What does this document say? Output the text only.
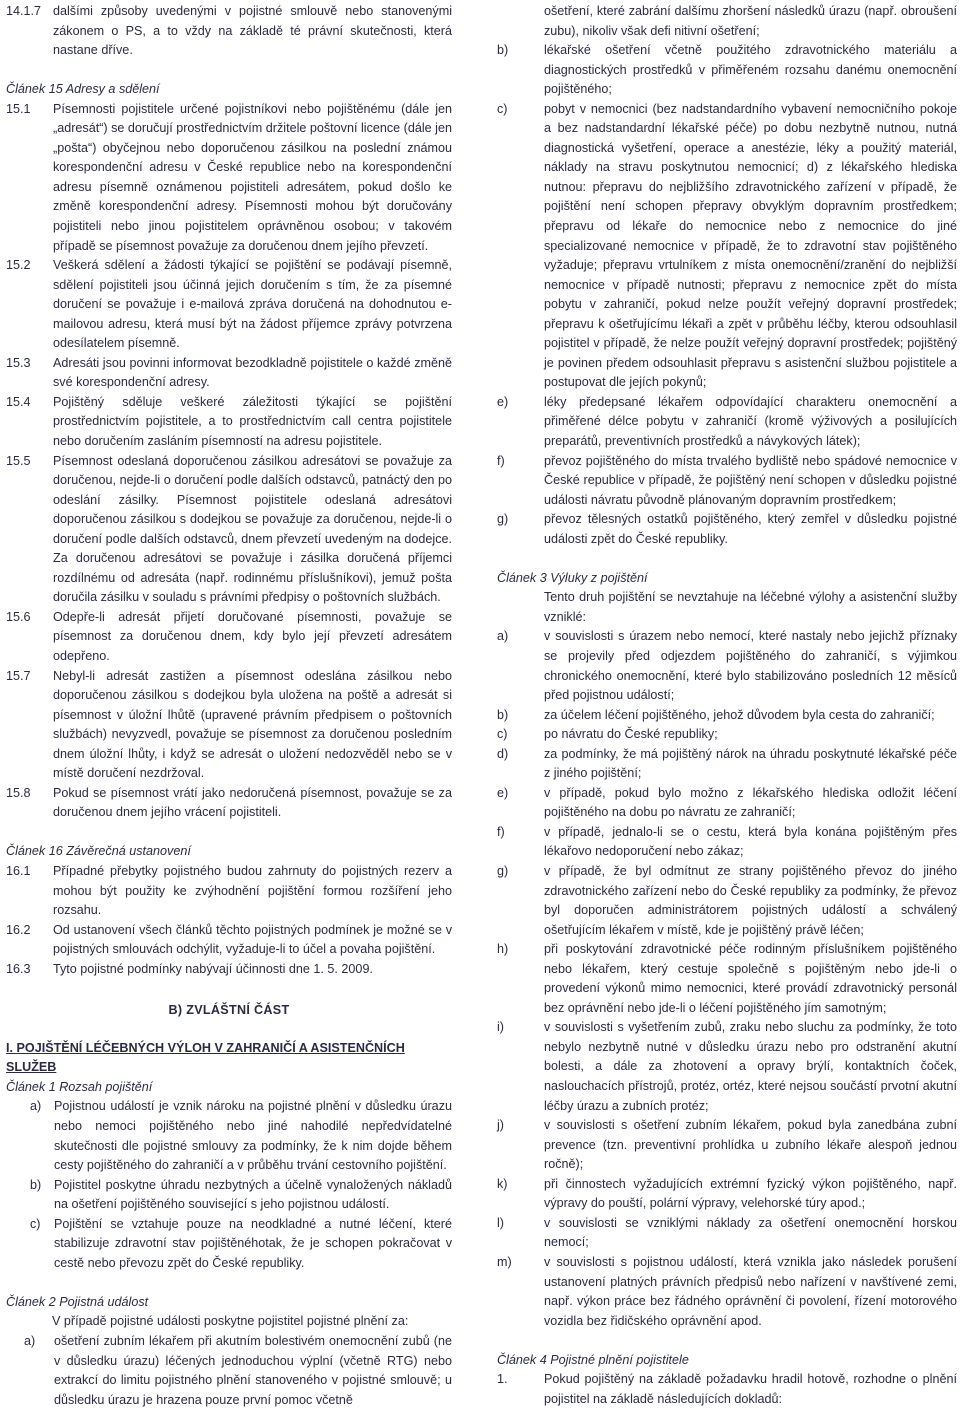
14.1.7 dalšími způsoby uvedenými v pojistné smlouvě nebo stanovenými zákonem o PS, a to vždy na základě té právní skutečnosti, která nastane dříve.
Článek 15 Adresy a sdělení
15.1	Písemnosti pojistitele určené pojistníkovi nebo pojištěnému (dále jen „adresát“) se doručují prostřednictvím držitele poštovní licence (dále jen „pošta“) obyčejnou nebo doporučenou zásilkou na poslední známou korespondenční adresu v České republice nebo na korespondenční adresu písemně oznámenou pojistiteli adresátem, pokud došlo ke změně korespondenční adresy. Písemnosti mohou být doručovány pojistiteli nebo jinou pojistitelem oprávněnou osobou; v takovém případě se písemnost považuje za doručenou dnem jejího převzetí.
15.2	Veškerá sdělení a žádosti týkající se pojištění se podávají písemně, sdělení pojistiteli jsou účinná jejich doručením s tím, že za písemné doručení se považuje i e-mailová zpráva doručená na dohodnutou e-mailovou adresu, která musí být na žádost příjemce zprávy potvrzena odesílatelem písemně.
15.3	Adresáti jsou povinni informovat bezodkladně pojistitele o každé změně své korespondenční adresy.
15.4	Pojištěný sděluje veškeré záležitosti týkající se pojištění prostřednictvím pojistitele, a to prostřednictvím call centra pojistitele nebo doručením zasláním písemností na adresu pojistitele.
15.5	Písemnost odeslaná doporučenou zásilkou adresátovi se považuje za doručenou, nejde-li o doručení podle dalších odstavců, patnáctý den po odeslání zásilky. Písemnost pojistitele odeslaná adresátovi doporučenou zásilkou s dodejkou se považuje za doručenou, nejde-li o doručení podle dalších odstavců, dnem převzetí uvedeným na dodejce. Za doručenou adresátovi se považuje i zásilka doručená příjemci rozdílnému od adresáta (např. rodinnému příslušníkovi), jemuž pošta doručila zásilku v souladu s právními předpisy o poštovních službách.
15.6	Odepře-li adresát přijetí doručované písemnosti, považuje se písemnost za doručenou dnem, kdy bylo její převzetí adresátem odepřeno.
15.7	Nebyl-li adresát zastižen a písemnost odeslána zásilkou nebo doporučenou zásilkou s dodejkou byla uložena na poště a adresát si písemnost v úložní lhůtě (upravené právním předpisem o poštovních službách) nevyzvedl, považuje se písemnost za doručenou posledním dnem úložní lhůty, i když se adresát o uložení nedozvěděl nebo se v místě doručení nezdržoval.
15.8	Pokud se písemnost vrátí jako nedoručená písemnost, považuje se za doručenou dnem jejího vrácení pojistiteli.
Článek 16 Závěrečná ustanovení
16.1	Případné přebytky pojistného budou zahrnuty do pojistných rezerv a mohou být použity ke zvýhodnění pojištění formou rozšíření jeho rozsahu.
16.2	Od ustanovení všech článků těchto pojistných podmínek je možné se v pojistných smlouvách odchýlit, vyžaduje-li to účel a povaha pojištění.
16.3	Tyto pojistné podmínky nabývají účinnosti dne 1. 5. 2009.
B) ZVLÁŠTNÍ ČÁST
I. POJIŠTĚNÍ LÉČEBNÝCH VÝLOH V ZAHRANIČÍ A ASISTENČNÍCH SLUŽEB
Článek 1 Rozsah pojištění
a)	Pojistnou událostí je vznik nároku na pojistné plnění v důsledku úrazu nebo nemoci pojištěného nebo jiné nahodilé nepředvídatelné skutečnosti dle pojistné smlouvy za podmínky, že k nim dojde během cesty pojištěného do zahraničí a v průběhu trvání cestovního pojištění.
b)	Pojistitel poskytne úhradu nezbytných a účelně vynaložených nákladů na ošetření pojištěného související s jeho pojistnou událostí.
c)	Pojištění se vztahuje pouze na neodkladné a nutné léčení, které stabilizuje zdravotní stav pojištěnéhotak, že je schopen pokračovat v cestě nebo převozu zpět do České republiky.
Článek 2 Pojistná událost
V případě pojistné události poskytne pojistitel pojistné plnění za:
a)	ošetření zubním lékařem při akutním bolestivém onemocnění zubů (ne v důsledku úrazu) léčených jednoduchou výplní (včetně RTG) nebo extrakcí do limitu pojistného plnění stanoveného v pojistné smlouvě; u důsledku úrazu je hrazena pouze první pomoc včetně
ošetření, které zabrání dalšímu zhoršení následků úrazu (např. obroušení zubu), nikoliv však defi nitivní ošetření;
b)	lékařské ošetření včetně použitého zdravotnického materiálu a diagnostických prostředků v přiměřeném rozsahu danému onemocnění pojištěného;
c)	pobyt v nemocnici (bez nadstandardního vybavení nemocničního pokoje a bez nadstandardní lékařské péče) po dobu nezbytně nutnou, nutná diagnostická vyšetření, operace a anestézie, léky a použitý materiál, náklady na stravu poskytnutou nemocnicí; d) z lékařského hlediska nutnou: přepravu do nejbližšího zdravotnického zařízení v případě, že pojištění není schopen přepravy obvyklým dopravním prostředkem; přepravu od lékaře do nemocnice nebo z nemocnice do jiné specializované nemocnice v případě, že to zdravotní stav pojištěného vyžaduje; přepravu vrtulníkem z místa onemocnění/zranění do nejbližší nemocnice v případě nutnosti; přepravu z nemocnice zpět do místa pobytu v zahraničí, pokud nelze použít veřejný dopravní prostředek; přepravu k ošetřujícímu lékaři a zpět v průběhu léčby, kterou odsouhlasil pojistitel v případě, že nelze použít veřejný dopravní prostředek; pojištěný je povinen předem odsouhlasit přepravu s asistenční službou pojistitele a postupovat dle jejích pokynů;
e)	léky předepsané lékařem odpovídající charakteru onemocnění a přiměřené délce pobytu v zahraničí (kromě výživových a posilujících preparátů, preventivních prostředků a návykových látek);
f)	převoz pojištěného do místa trvalého bydliště nebo spádové nemocnice v České republice v případě, že pojištěný není schopen v důsledku pojistné události návratu původně plánovaným dopravním prostředkem;
g)	převoz tělesných ostatků pojištěného, který zemřel v důsledku pojistné události zpět do České republiky.
Článek 3 Výluky z pojištění
Tento druh pojištění se nevztahuje na léčebné výlohy a asistenční služby vzniklé:
a)	v souvislosti s úrazem nebo nemocí, které nastaly nebo jejichž příznaky se projevily před odjezdem pojištěného do zahraničí, s výjimkou chronického onemocnění, které bylo stabilizováno posledních 12 měsíců před pojistnou událostí;
b)	za účelem léčení pojištěného, jehož důvodem byla cesta do zahraničí;
c)	po návratu do České republiky;
d)	za podmínky, že má pojištěný nárok na úhradu poskytnuté lékařské péče z jiného pojištění;
e)	v případě, pokud bylo možno z lékařského hlediska odložit léčení pojištěného na dobu po návratu ze zahraničí;
f)	v případě, jednalo-li se o cestu, která byla konána pojištěným přes lékařovo nedoporučení nebo zákaz;
g)	v případě, že byl odmítnut ze strany pojištěného převoz do jiného zdravotnického zařízení nebo do České republiky za podmínky, že převoz byl doporučen administrátorem pojistných událostí a schválený ošetřujícím lékařem v místě, kde je pojištěný právě léčen;
h)	při poskytování zdravotnické péče rodinným příslušníkem pojištěného nebo lékařem, který cestuje společně s pojištěným nebo jde-li o provedení výkonů mimo nemocnici, které provádí zdravotnický personál bez oprávnění nebo jde-li o léčení pojištěného jím samotným;
i)	v souvislosti s vyšetřením zubů, zraku nebo sluchu za podmínky, že toto nebylo nezbytně nutné v důsledku úrazu nebo pro odstranění akutní bolesti, a dále za zhotovení a opravy brýlí, kontaktních čoček, naslouchacích přístrojů, protéz, ortéz, které nejsou součástí prvotní akutní léčby úrazu a zubních protéz;
j)	v souvislosti s ošetření zubním lékařem, pokud byla zanedbána zubní prevence (tzn. preventivní prohlídka u zubního lékaře alespoň jednou ročně);
k)	při činnostech vyžadujících extrémní fyzický výkon pojištěného, např. výpravy do pouští, polární výpravy, velehorské túry apod.;
l)	v souvislosti se vzniklými náklady za ošetření onemocnění horskou nemocí;
m)	v souvislosti s pojistnou událostí, která vznikla jako následek porušení ustanovení platných právních předpisů nebo nařízení v navštívené zemi, např. výkon práce bez řádného oprávnění či povolení, řízení motorového vozidla bez řidičského oprávnění apod.
Článek 4 Pojistné plnění pojistitele
1.	Pokud pojištěný na základě požadavku hradil hotově, rozhodne o plnění pojistitel na základě následujících dokladů:
